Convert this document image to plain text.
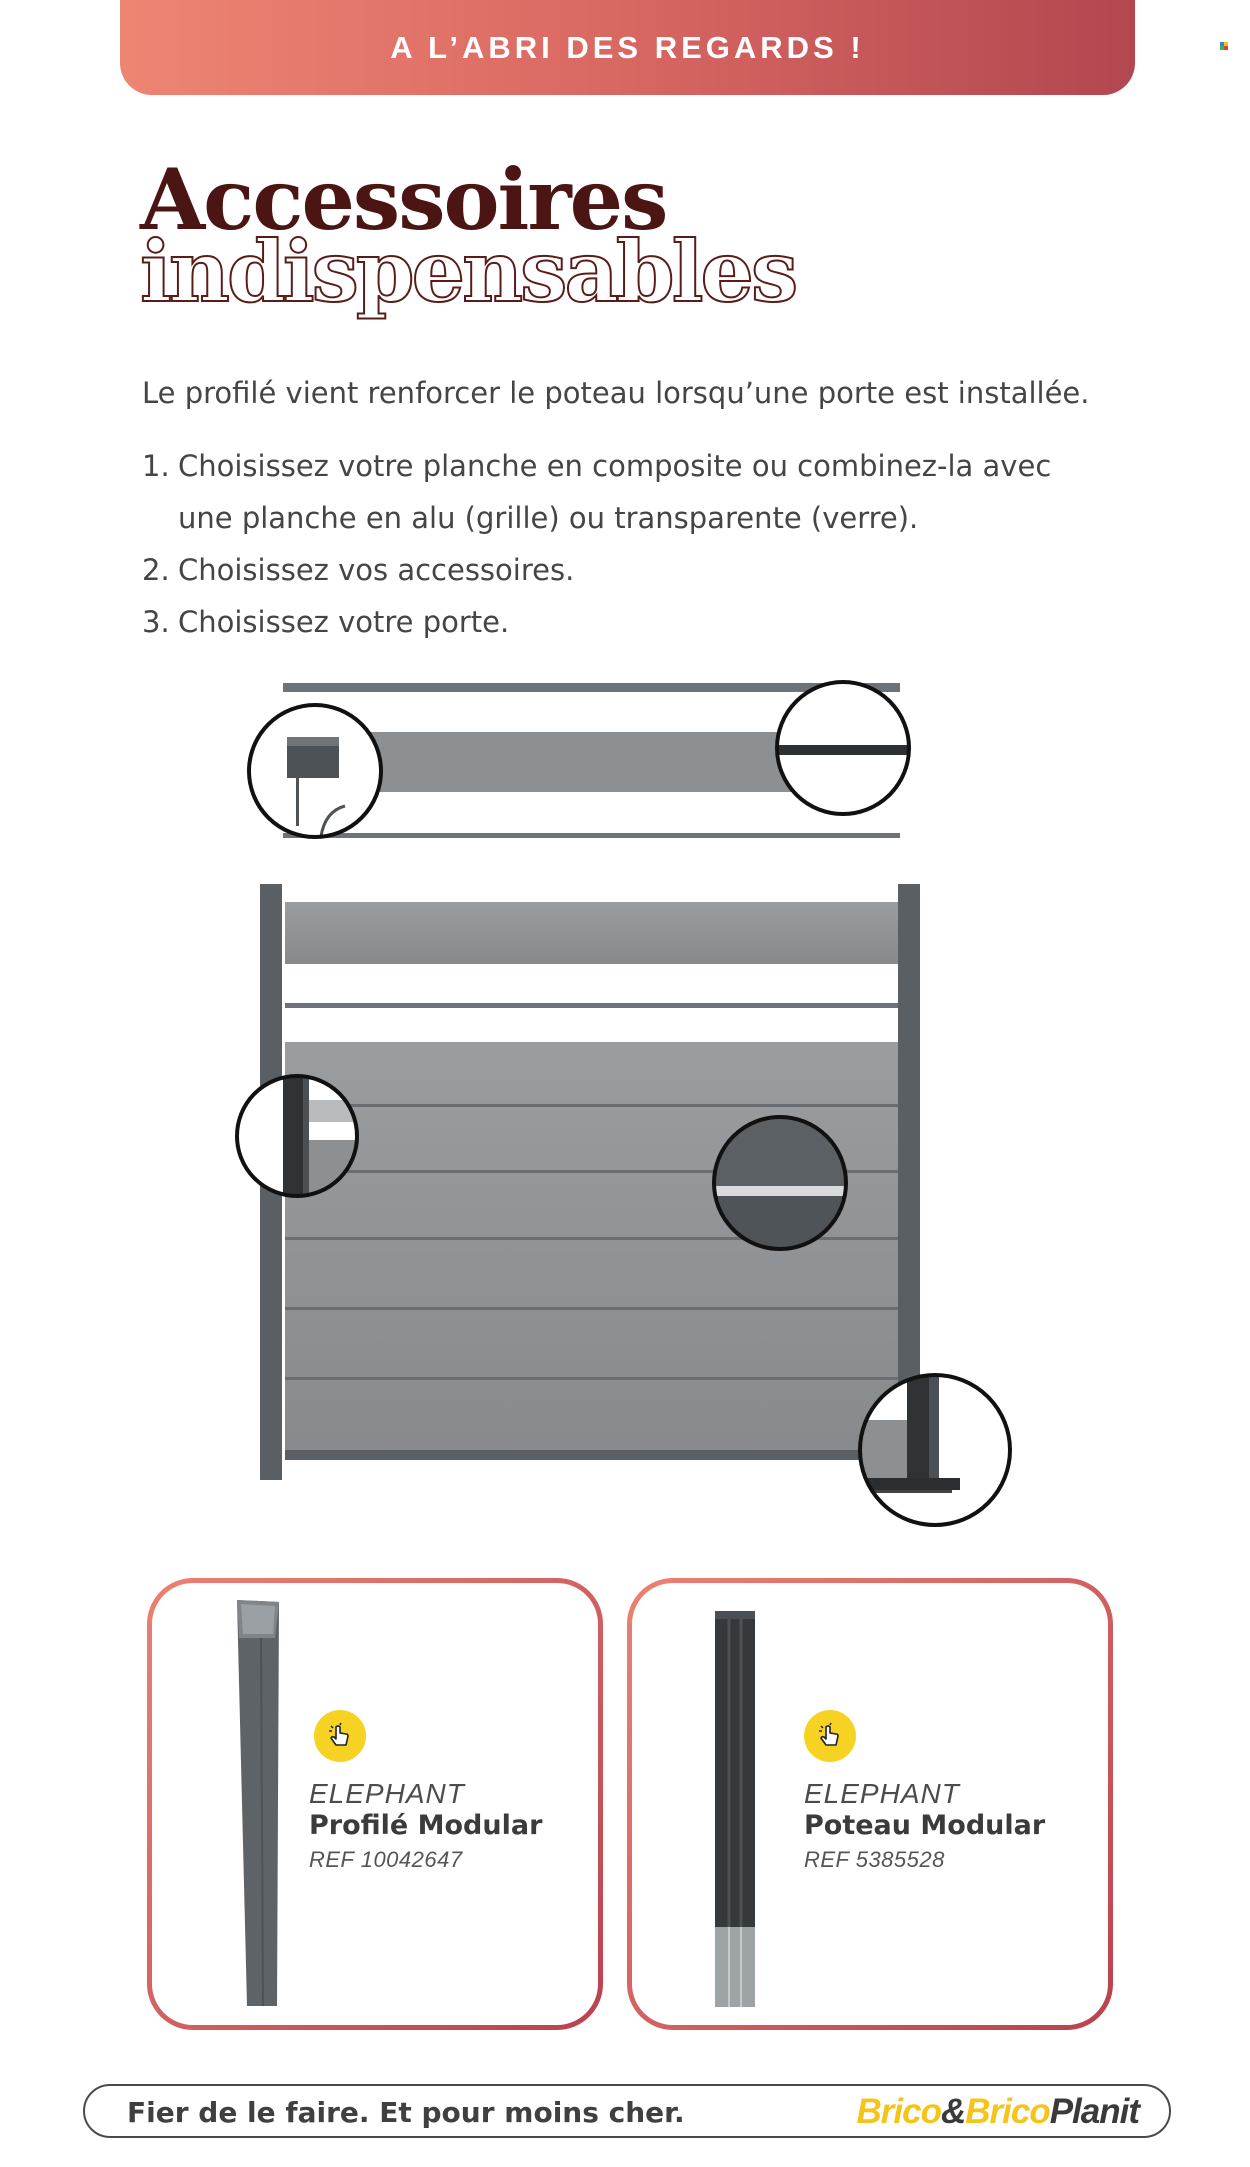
A L’ABRI DES REGARDS !
Accessoires
indispensables

Le profilé vient renforcer le poteau lorsqu’une porte est installée.

1. Choisissez votre planche en composite ou combinez-la avec une planche en alu (grille) ou transparente (verre).
2. Choisissez vos accessoires.
3. Choisissez votre porte.
ELEPHANT
Profilé Modular
REF 10042647
ELEPHANT
Poteau Modular
REF 5385528
Fier de le faire. Et pour moins cher.	Brico&BricoPlanit
